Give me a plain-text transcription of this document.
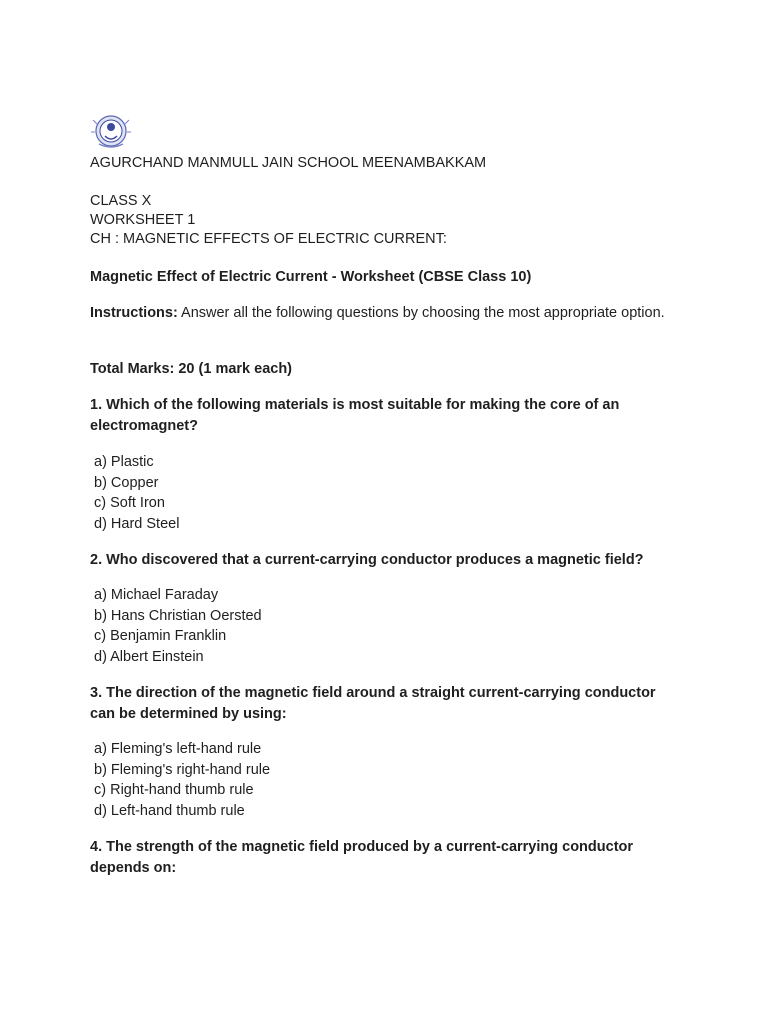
AGURCHAND MANMULL JAIN SCHOOL MEENAMBAKKAM
CLASS X
WORKSHEET 1
CH : MAGNETIC EFFECTS OF ELECTRIC CURRENT:
Magnetic Effect of Electric Current - Worksheet (CBSE Class 10)
Instructions: Answer all the following questions by choosing the most appropriate option.
Total Marks: 20 (1 mark each)
1. Which of the following materials is most suitable for making the core of an electromagnet?
a) Plastic
b) Copper
c) Soft Iron
d) Hard Steel
2. Who discovered that a current-carrying conductor produces a magnetic field?
a) Michael Faraday
b) Hans Christian Oersted
c) Benjamin Franklin
d) Albert Einstein
3. The direction of the magnetic field around a straight current-carrying conductor can be determined by using:
a) Fleming's left-hand rule
b) Fleming's right-hand rule
c) Right-hand thumb rule
d) Left-hand thumb rule
4. The strength of the magnetic field produced by a current-carrying conductor depends on:
